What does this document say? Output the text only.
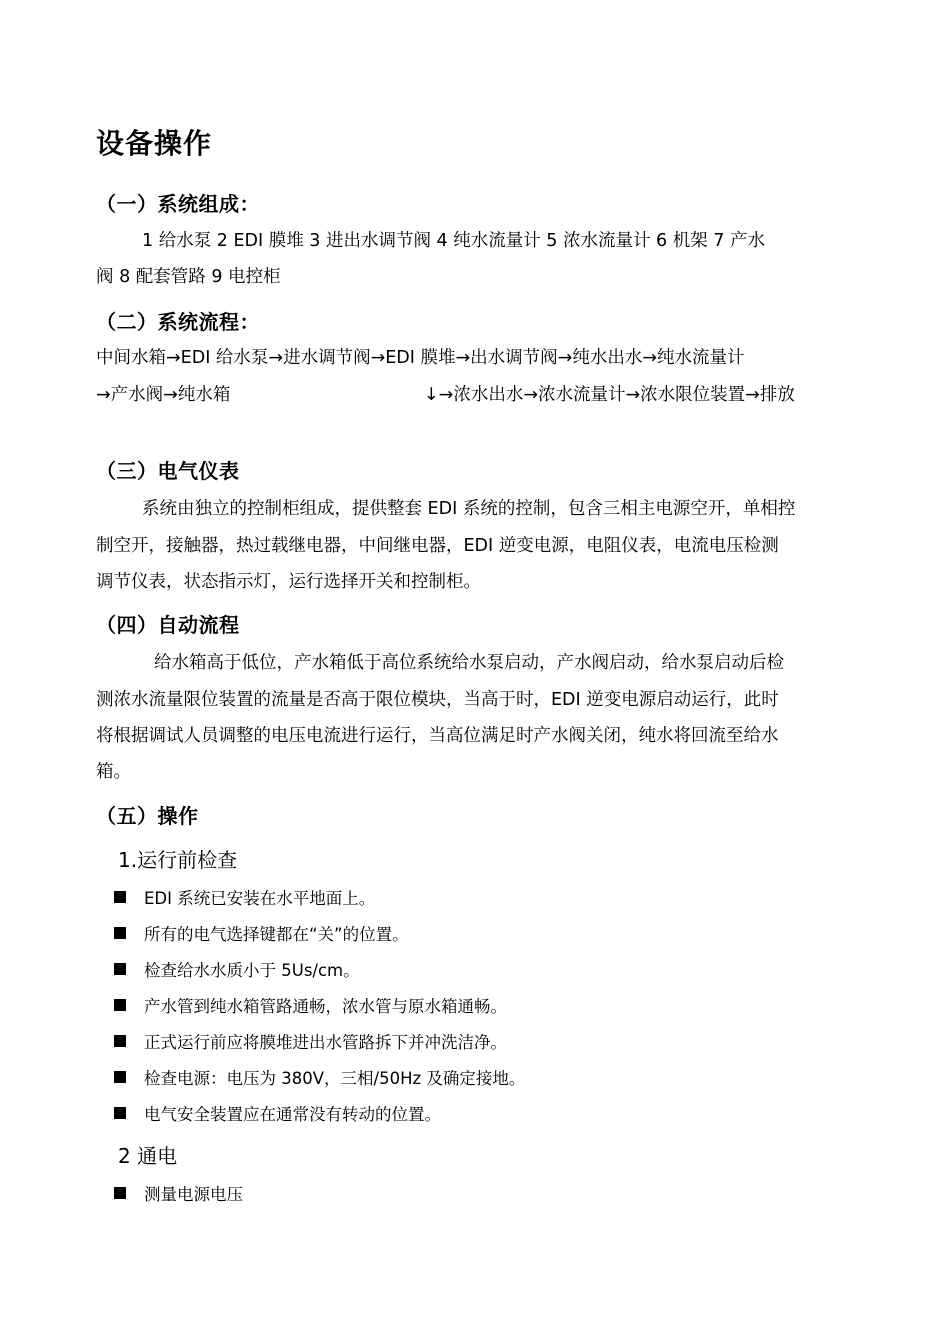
设备操作
（一）系统组成：
1 给水泵 2 EDI 膜堆 3 进出水调节阀 4 纯水流量计 5 浓水流量计 6 机架 7 产水
阀 8 配套管路 9 电控柜
（二）系统流程：
中间水箱→EDI 给水泵→进水调节阀→EDI 膜堆→出水调节阀→纯水出水→纯水流量计
→产水阀→纯水箱	↓→浓水出水→浓水流量计→浓水限位装置→排放
（三）电气仪表
系统由独立的控制柜组成，提供整套 EDI 系统的控制，包含三相主电源空开，单相控
制空开，接触器，热过载继电器，中间继电器，EDI 逆变电源，电阻仪表，电流电压检测
调节仪表，状态指示灯，运行选择开关和控制柜。
（四）自动流程
给水箱高于低位，产水箱低于高位系统给水泵启动，产水阀启动，给水泵启动后检
测浓水流量限位装置的流量是否高于限位模块，当高于时，EDI 逆变电源启动运行，此时
将根据调试人员调整的电压电流进行运行，当高位满足时产水阀关闭，纯水将回流至给水
箱。
（五）操作
1.运行前检查
EDI 系统已安装在水平地面上。
所有的电气选择键都在“关”的位置。
检查给水水质小于 5Us/cm。
产水管到纯水箱管路通畅，浓水管与原水箱通畅。
正式运行前应将膜堆进出水管路拆下并冲洗洁净。
检查电源：电压为 380V，三相/50Hz 及确定接地。
电气安全装置应在通常没有转动的位置。
2 通电
测量电源电压
